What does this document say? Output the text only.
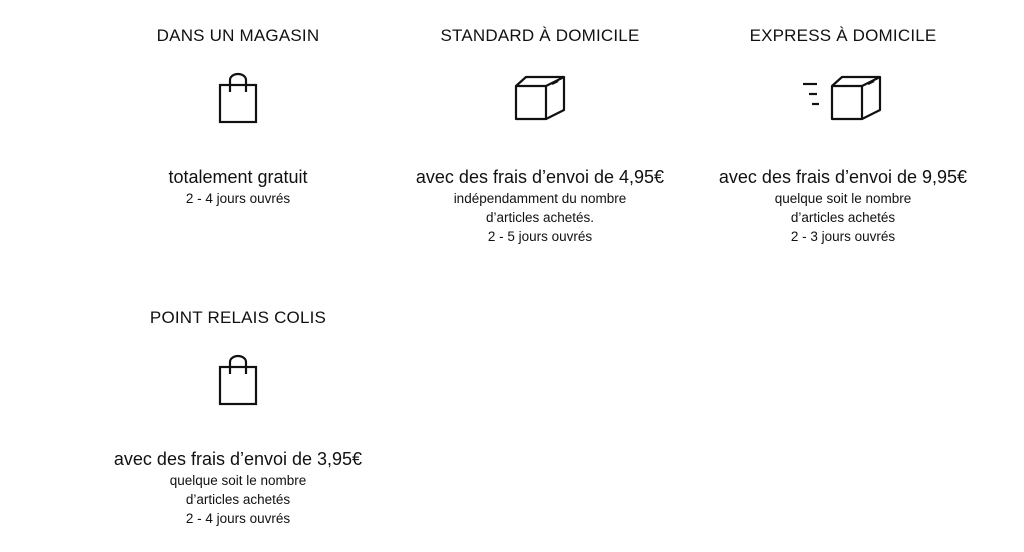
DANS UN MAGASIN
totalement gratuit
2 - 4 jours ouvrés
STANDARD À DOMICILE
avec des frais d’envoi de 4,95€
indépendamment du nombre
d’articles achetés.
2 - 5 jours ouvrés
EXPRESS À DOMICILE
avec des frais d’envoi de 9,95€
quelque soit le nombre
d’articles achetés
2 - 3 jours ouvrés
POINT RELAIS COLIS
avec des frais d’envoi de 3,95€
quelque soit le nombre
d’articles achetés
2 - 4 jours ouvrés
